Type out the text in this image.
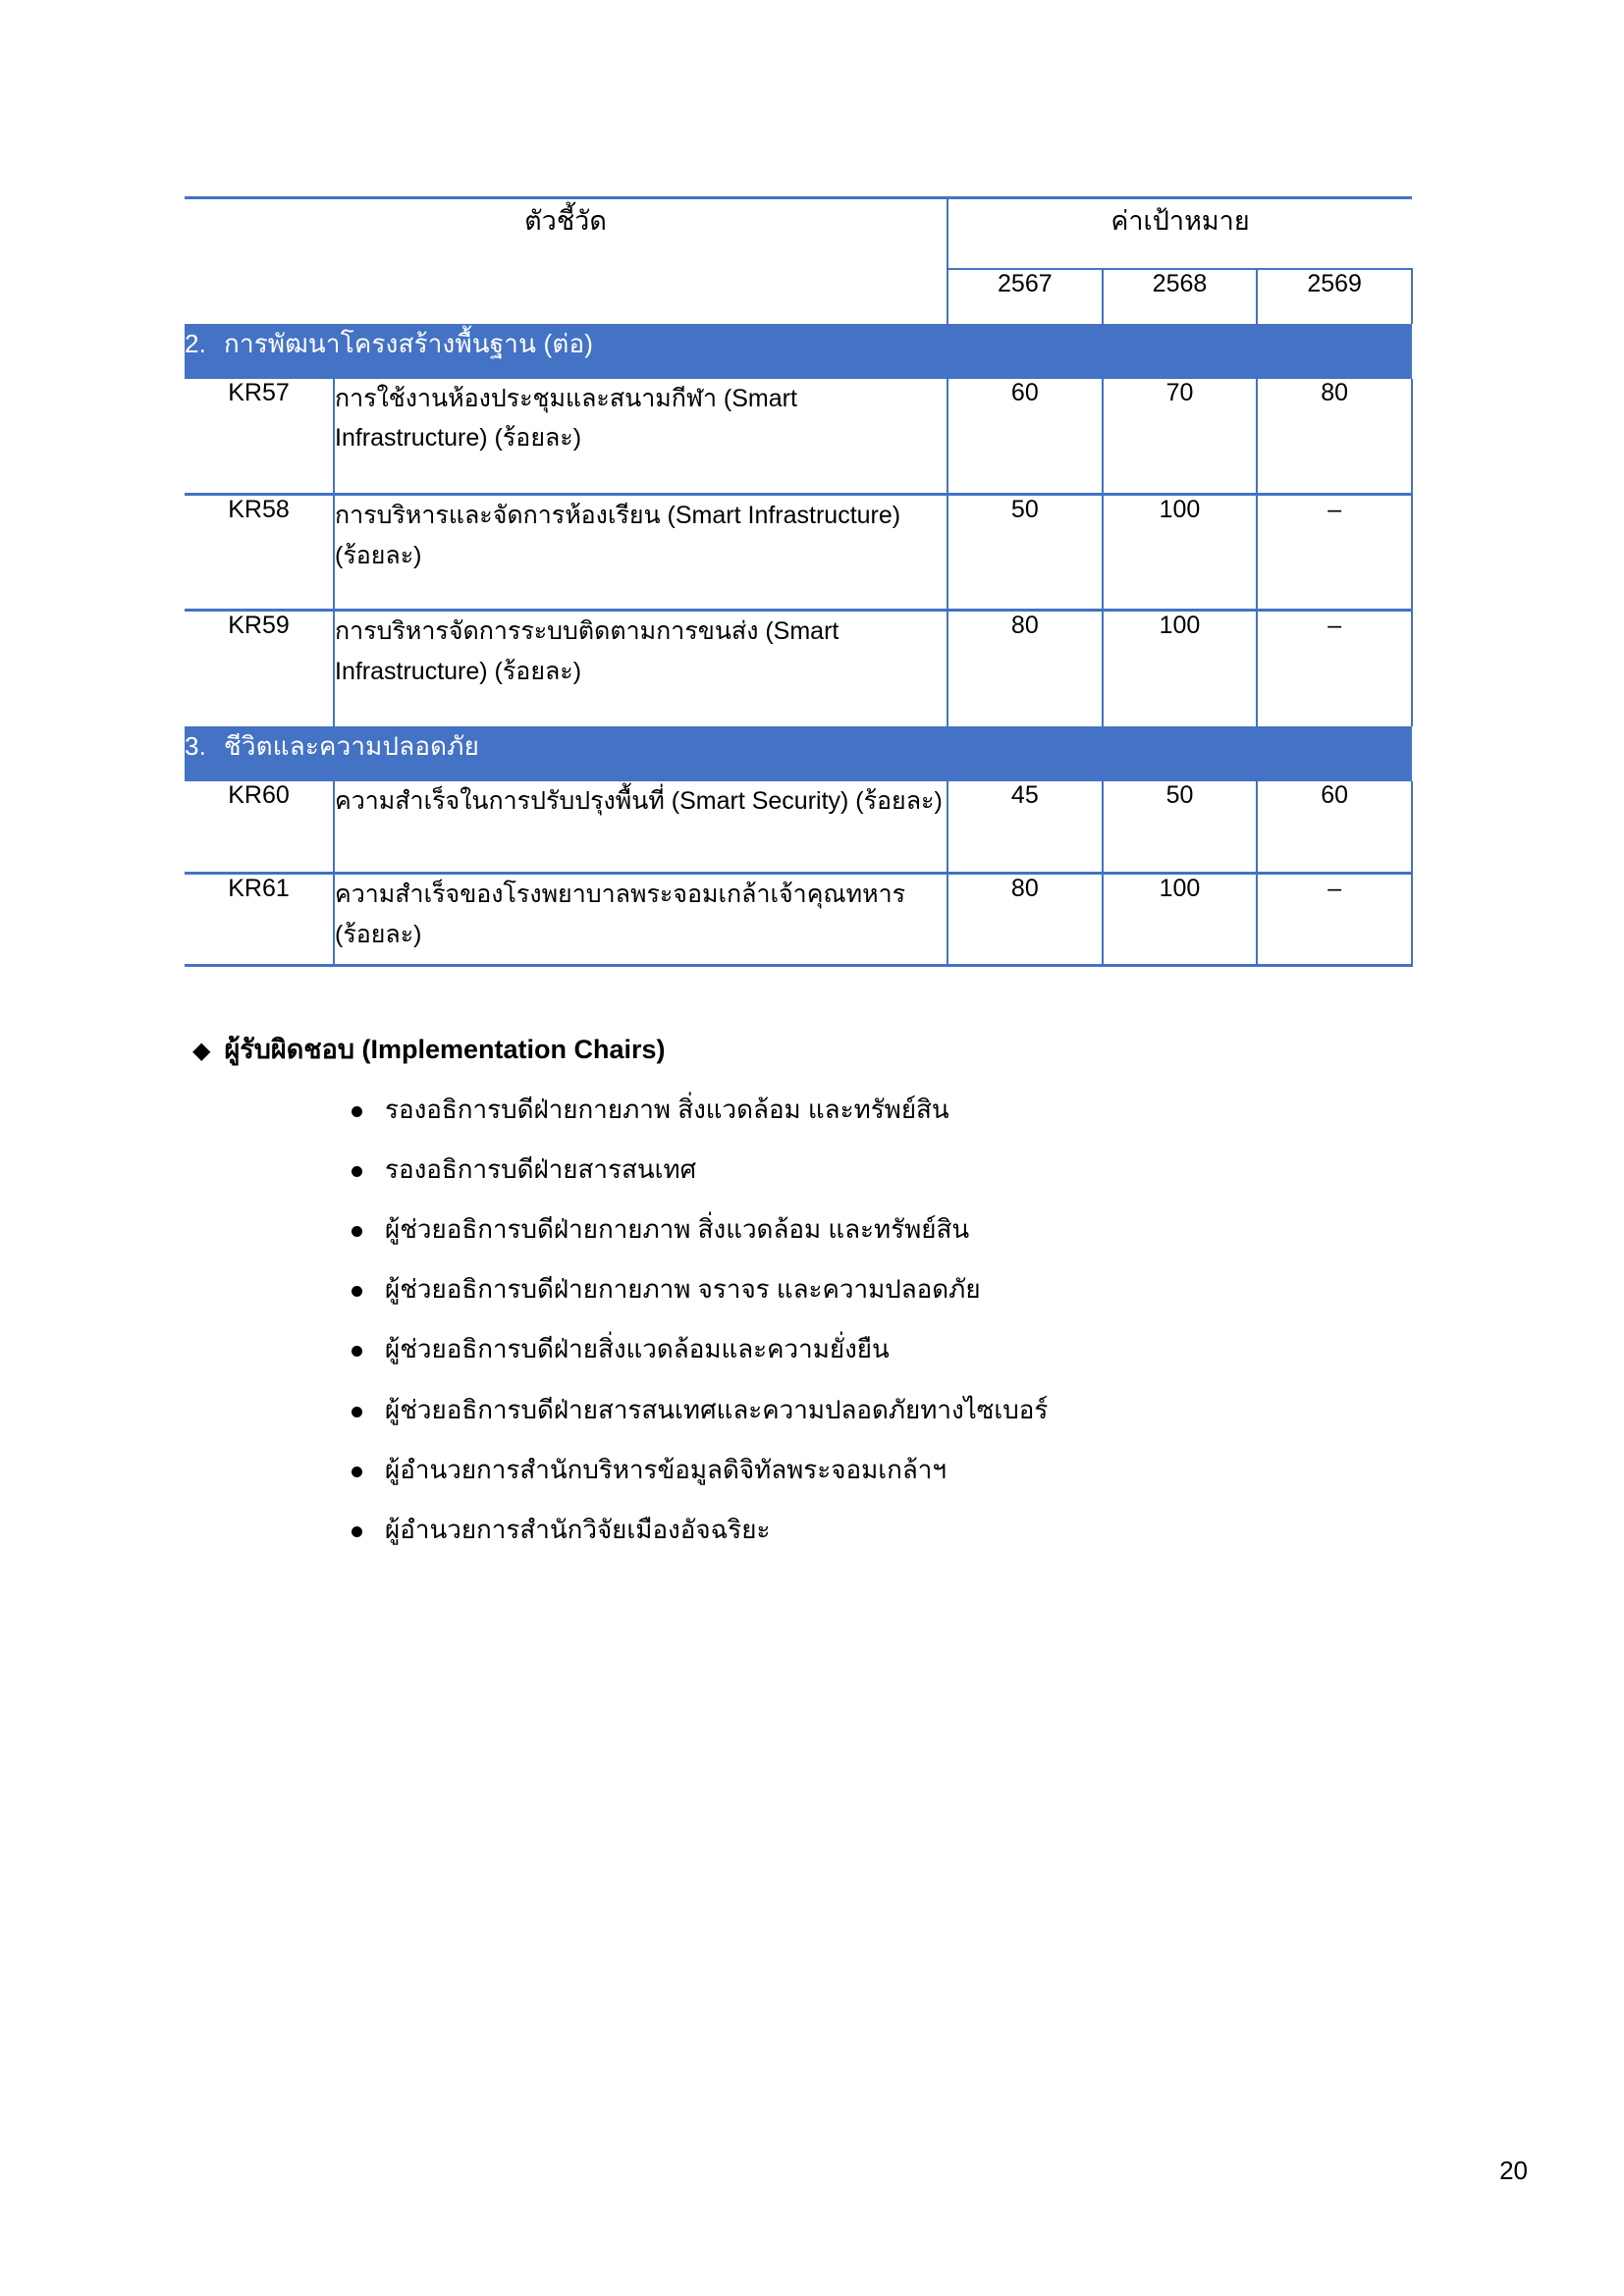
ตัวชี้วัด		ค่าเป้าหมาย		
		2567	2568	2569
2. การพัฒนาโครงสร้างพื้นฐาน (ต่อ)				
KR57	การใช้งานห้องประชุมและสนามกีฬา (Smart Infrastructure) (ร้อยละ)	60	70	80
KR58	การบริหารและจัดการห้องเรียน (Smart Infrastructure) (ร้อยละ)	50	100	–
KR59	การบริหารจัดการระบบติดตามการขนส่ง (Smart Infrastructure) (ร้อยละ)	80	100	–
3. ชีวิตและความปลอดภัย				
KR60	ความสำเร็จในการปรับปรุงพื้นที่ (Smart Security) (ร้อยละ)	45	50	60
KR61	ความสำเร็จของโรงพยาบาลพระจอมเกล้าเจ้าคุณทหาร (ร้อยละ)	80	100	–
◆ ผู้รับผิดชอบ (Implementation Chairs)
รองอธิการบดีฝ่ายกายภาพ สิ่งแวดล้อม และทรัพย์สิน
รองอธิการบดีฝ่ายสารสนเทศ
ผู้ช่วยอธิการบดีฝ่ายกายภาพ สิ่งแวดล้อม และทรัพย์สิน
ผู้ช่วยอธิการบดีฝ่ายกายภาพ จราจร และความปลอดภัย
ผู้ช่วยอธิการบดีฝ่ายสิ่งแวดล้อมและความยั่งยืน
ผู้ช่วยอธิการบดีฝ่ายสารสนเทศและความปลอดภัยทางไซเบอร์
ผู้อำนวยการสำนักบริหารข้อมูลดิจิทัลพระจอมเกล้าฯ
ผู้อำนวยการสำนักวิจัยเมืองอัจฉริยะ
20
